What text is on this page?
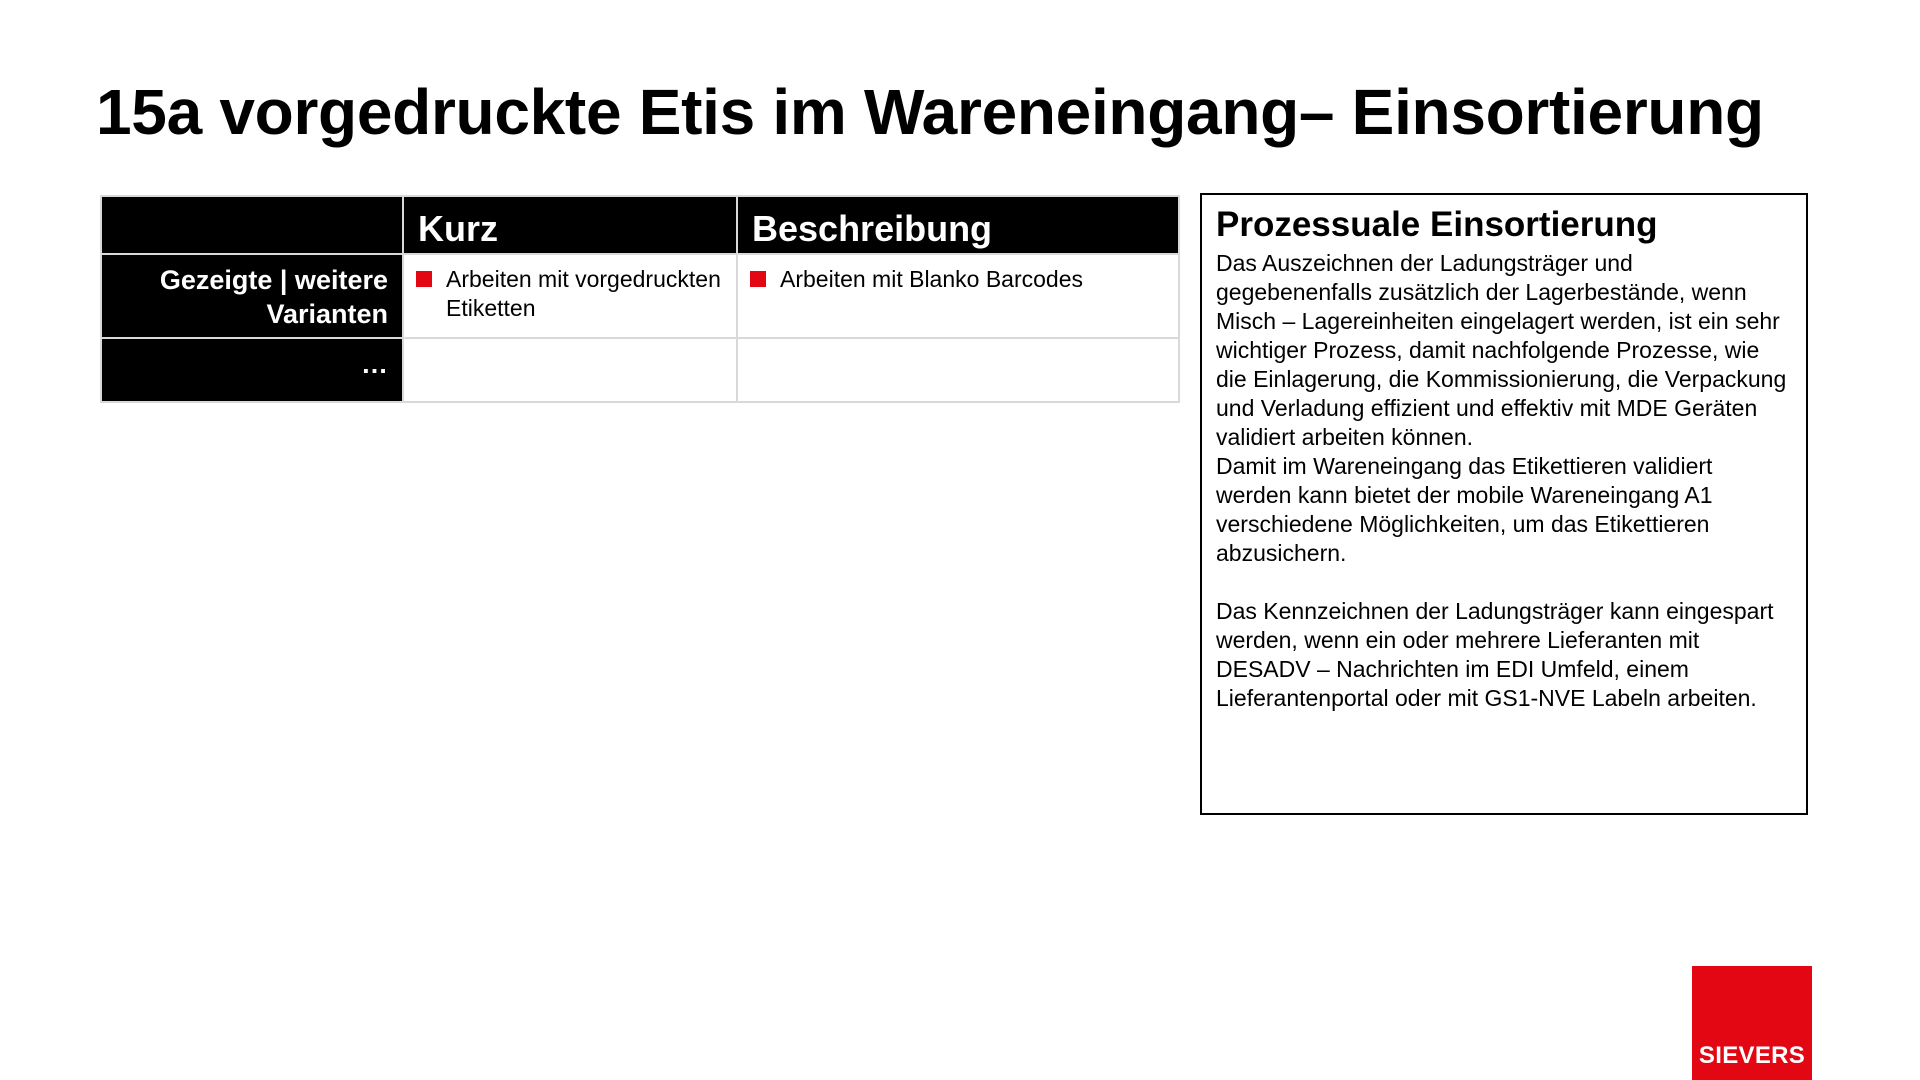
15a vorgedruckte Etis im Wareneingang– Einsortierung
	Kurz	Beschreibung
Gezeigte | weitere Varianten	Arbeiten mit vorgedruckten Etiketten	Arbeiten mit Blanko Barcodes

…		
Prozessuale Einsortierung

Das Auszeichnen der Ladungsträger und gegebenenfalls zusätzlich der Lagerbestände, wenn Misch – Lagereinheiten eingelagert werden, ist ein sehr wichtiger Prozess, damit nachfolgende Prozesse, wie die Einlagerung, die Kommissionierung, die Verpackung und Verladung effizient und effektiv mit MDE Geräten validiert arbeiten können.

Damit im Wareneingang das Etikettieren validiert werden kann bietet der mobile Wareneingang A1 verschiedene Möglichkeiten, um das Etikettieren abzusichern.

Das Kennzeichnen der Ladungsträger kann eingespart werden, wenn ein oder mehrere Lieferanten mit DESADV – Nachrichten im EDI Umfeld, einem Lieferantenportal oder mit GS1-NVE Labeln arbeiten.

SIEVERS
